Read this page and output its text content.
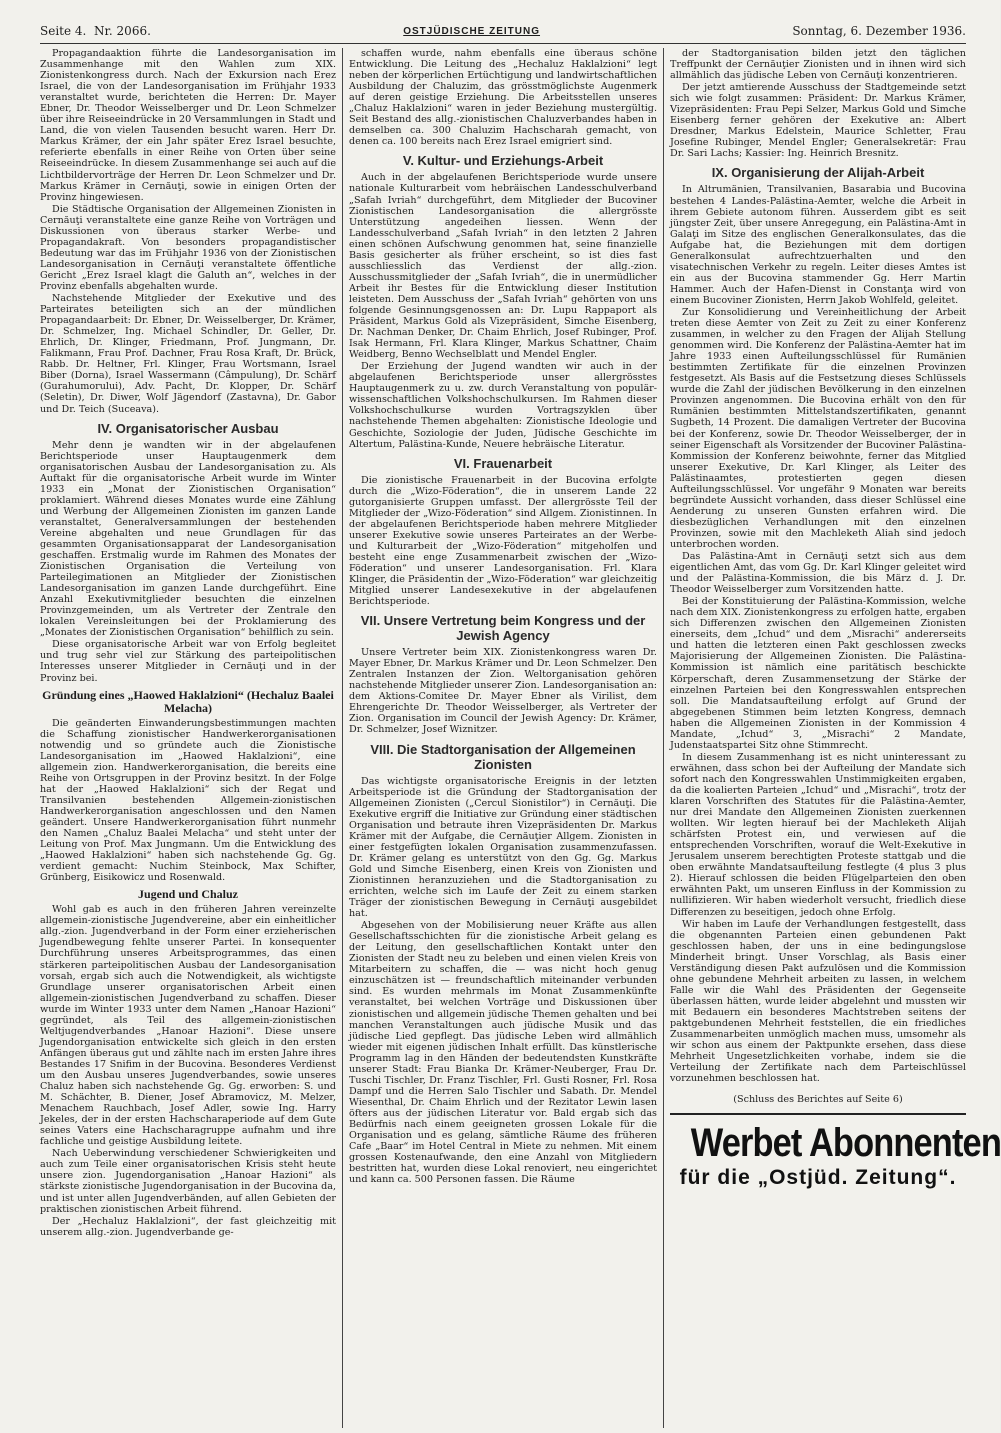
Seite 4. Nr. 2066.	OSTJÜDISCHE ZEITUNG	Sonntag, 6. Dezember 1936.

Propagandaaktion führte die Landesorganisation im Zusammenhange mit den Wahlen zum XIX. Zionistenkongress durch. Nach der Exkursion nach Erez Israel, die von der Landesorganisation im Frühjahr 1933 veranstaltet wurde, berichteten die Herren: Dr. Mayer Ebner, Dr. Theodor Weisselberger und Dr. Leon Schmelzer über ihre Reiseeindrücke in 20 Versammlungen in Stadt und Land, die von vielen Tausenden besucht waren. Herr Dr. Markus Krämer, der ein Jahr später Erez Israel besuchte, referierte ebenfalls in einer Reihe von Orten über seine Reiseeindrücke. In diesem Zusammenhange sei auch auf die Lichtbildervorträge der Herren Dr. Leon Schmelzer und Dr. Markus Krämer in Cernăuţi, sowie in einigen Orten der Provinz hingewiesen.

Die Städtische Organisation der Allgemeinen Zionisten in Cernăuţi veranstaltete eine ganze Reihe von Vorträgen und Diskussionen von überaus starker Werbe- und Propagandakraft. Von besonders propagandistischer Bedeutung war das im Frühjahr 1936 von der Zionistischen Landesorganisation in Cernăuţi veranstaltete öffentliche Gericht „Erez Israel klagt die Galuth an“, welches in der Provinz ebenfalls abgehalten wurde.

Nachstehende Mitglieder der Exekutive und des Parteirates beteiligten sich an der mündlichen Propagandaarbeit: Dr. Ebner, Dr. Weisselberger, Dr. Krämer, Dr. Schmelzer, Ing. Michael Schindler, Dr. Geller, Dr. Ehrlich, Dr. Klinger, Friedmann, Prof. Jungmann, Dr. Falikmann, Frau Prof. Dachner, Frau Rosa Kraft, Dr. Brück, Rabb. Dr. Heltner, Frl. Klinger, Frau Wortsmann, Israel Biber (Dorna), Israel Wassermann (Câmpulung), Dr. Schärf (Gurahumorului), Adv. Pacht, Dr. Klopper, Dr. Schärf (Seletin), Dr. Diwer, Wolf Jägendorf (Zastavna), Dr. Gabor und Dr. Teich (Suceava).

IV. Organisatorischer Ausbau

Mehr denn je wandten wir in der abgelaufenen Berichtsperiode unser Hauptaugenmerk dem organisatorischen Ausbau der Landesorganisation zu. Als Auftakt für die organisatorische Arbeit wurde im Winter 1933 ein „Monat der Zionistischen Organisation“ proklamiert. Während dieses Monates wurde eine Zählung und Werbung der Allgemeinen Zionisten im ganzen Lande veranstaltet, Generalversammlungen der bestehenden Vereine abgehalten und neue Grundlagen für das gesammten Organisationsapparat der Landesorganisation geschaffen. Erstmalig wurde im Rahmen des Monates der Zionistischen Organisation die Verteilung von Parteilegimationen an Mitglieder der Zionistischen Landesorganisation im ganzen Lande durchgeführt. Eine Anzahl Exekutivmitglieder besuchten die einzelnen Provinzgemeinden, um als Vertreter der Zentrale den lokalen Vereinsleitungen bei der Proklamierung des „Monates der Zionistischen Organisation“ behilflich zu sein.

Diese organisatorische Arbeit war von Erfolg begleitet und trug sehr viel zur Stärkung des parteipolitischen Interesses unserer Mitglieder in Cernăuţi und in der Provinz bei.

Gründung eines „Haowed Haklalzioni“ (Hechaluz Baalei Melacha)

Die geänderten Einwanderungsbestimmungen machten die Schaffung zionistischer Handwerkerorganisationen notwendig und so gründete auch die Zionistische Landesorganisation im „Haowed Haklalzioni“, eine allgemein zion. Handwerkerorganisation, die bereits eine Reihe von Ortsgruppen in der Provinz besitzt. In der Folge hat der „Haowed Haklalzioni“ sich der Regat und Transilvanien bestehenden Allgemein-zionistischen Handwerkerorganisation angeschlossen und den Namen geändert. Unsere Handwerkerorganisation führt nunmehr den Namen „Chaluz Baalei Melacha“ und steht unter der Leitung von Prof. Max Jungmann. Um die Entwicklung des „Haowed Haklalzioni“ haben sich nachstehende Gg. Gg. verdient gemacht: Nuchim Steinbock, Max Schifter, Grünberg, Eisikowicz und Rosenwald.

Jugend und Chaluz

Wohl gab es auch in den früheren Jahren vereinzelte allgemein-zionistische Jugendvereine, aber ein einheitlicher allg.-zion. Jugendverband in der Form einer erzieherischen Jugendbewegung fehlte unserer Partei. In konsequenter Durchführung unseres Arbeitsprogrammes, das einen stärkeren parteipolitischen Ausbau der Landesorganisation vorsah, ergab sich auch die Notwendigkeit, als wichtigste Grundlage unserer organisatorischen Arbeit einen allgemein-zionistischen Jugendverband zu schaffen. Dieser wurde im Winter 1933 unter dem Namen „Hanoar Hazioni“ gegründet, als Teil des allgemein-zionistischen Weltjugendverbandes „Hanoar Hazioni“. Diese unsere Jugendorganisation entwickelte sich gleich in den ersten Anfängen überaus gut und zählte nach im ersten Jahre ihres Bestandes 17 Snifim in der Bucovina. Besonderes Verdienst um den Ausbau unseres Jugendverbandes, sowie unseres Chaluz haben sich nachstehende Gg. Gg. erworben: S. und M. Schächter, B. Diener, Josef Abramovicz, M. Melzer, Menachem Rauchbach, Josef Adler, sowie Ing. Harry Jekeles, der in der ersten Hachscharaperiode auf dem Gute seines Vaters eine Hachscharagruppe aufnahm und ihre fachliche und geistige Ausbildung leitete.

Nach Ueberwindung verschiedener Schwierigkeiten und auch zum Teile einer organisatorischen Krisis steht heute unsere zion. Jugendorganisation „Hanoar Hazioni“ als stärkste zionistische Jugendorganisation in der Bucovina da, und ist unter allen Jugendverbänden, auf allen Gebieten der praktischen zionistischen Arbeit führend.

Der „Hechaluz Haklalzioni“, der fast gleichzeitig mit unserem allg.-zion. Jugendverbande ge-

schaffen wurde, nahm ebenfalls eine überaus schöne Entwicklung. Die Leitung des „Hechaluz Haklalzioni“ legt neben der körperlichen Ertüchtigung und landwirtschaftlichen Ausbildung der Chaluzim, das grösstmöglichste Augenmerk auf deren geistige Erziehung. Die Arbeitsstellen unseres „Chaluz Haklalzioni“ waren in jeder Beziehung mustergültig. Seit Bestand des allg.-zionistischen Chaluzverbandes haben in demselben ca. 300 Chaluzim Hachscharah gemacht, von denen ca. 100 bereits nach Erez Israel emigriert sind.

V. Kultur- und Erziehungs-Arbeit

Auch in der abgelaufenen Berichtsperiode wurde unsere nationale Kulturarbeit vom hebräischen Landesschulverband „Safah Ivriah“ durchgeführt, dem Mitglieder der Bucoviner Zionistischen Landesorganisation die allergrösste Unterstützung angedeihen liessen. Wenn der Landesschulverband „Safah Ivriah“ in den letzten 2 Jahren einen schönen Aufschwung genommen hat, seine finanzielle Basis gesicherter als früher erscheint, so ist dies fast ausschliesslich das Verdienst der allg.-zion. Ausschussmitglieder der „Safah Ivriah“, die in unermüdlicher Arbeit ihr Bestes für die Entwicklung dieser Institution leisteten. Dem Ausschuss der „Safah Ivriah“ gehörten von uns folgende Gesinnungsgenossen an: Dr. Lupu Rappaport als Präsident, Markus Gold als Vizepräsident, Simche Eisenberg, Dr. Nachman Denker, Dr. Chaim Ehrlich, Josef Rubinger, Prof. Isak Hermann, Frl. Klara Klinger, Markus Schattner, Chaim Weidberg, Benno Wechselblatt und Mendel Engler.

Der Erziehung der Jugend wandten wir auch in der abgelaufenen Berichtsperiode unser allergrösstes Hauptaugenmerk zu u. zw. durch Veranstaltung von populär-wissenschaftlichen Volkshochschulkursen. Im Rahmen dieser Volkshochschulkurse wurden Vortragszyklen über nachstehende Themen abgehalten: Zionistische Ideologie und Geschichte, Soziologie der Juden, Jüdische Geschichte im Altertum, Palästina-Kunde, Neuere hebräische Literatur.

VI. Frauenarbeit

Die zionistische Frauenarbeit in der Bucovina erfolgte durch die „Wizo-Föderation“, die in unserem Lande 22 gutorganisierte Gruppen umfasst. Der allergrösste Teil der Mitglieder der „Wizo-Föderation“ sind Allgem. Zionistinnen. In der abgelaufenen Berichtsperiode haben mehrere Mitglieder unserer Exekutive sowie unseres Parteirates an der Werbe- und Kulturarbeit der „Wizo-Föderation“ mitgeholfen und besteht eine enge Zusammenarbeit zwischen der „Wizo-Föderation“ und unserer Landesorganisation. Frl. Klara Klinger, die Präsidentin der „Wizo-Föderation“ war gleichzeitig Mitglied unserer Landesexekutive in der abgelaufenen Berichtsperiode.

VII. Unsere Vertretung beim Kongress und der Jewish Agency

Unsere Vertreter beim XIX. Zionistenkongress waren Dr. Mayer Ebner, Dr. Markus Krämer und Dr. Leon Schmelzer. Den Zentralen Instanzen der Zion. Weltorganisation gehören nachstehende Mitglieder unserer Zion. Landesorganisation an: dem Aktions-Comitee Dr. Mayer Ebner als Virilist, dem Ehrengerichte Dr. Theodor Weisselberger, als Vertreter der Zion. Organisation im Council der Jewish Agency: Dr. Krämer, Dr. Schmelzer, Josef Wiznitzer.

VIII. Die Stadtorganisation der Allgemeinen Zionisten

Das wichtigste organisatorische Ereignis in der letzten Arbeitsperiode ist die Gründung der Stadtorganisation der Allgemeinen Zionisten („Cercul Sionistilor“) in Cernăuţi. Die Exekutive ergriff die Initiative zur Gründung einer städtischen Organisation und betraute ihren Vizepräsidenten Dr. Markus Krämer mit der Aufgabe, die Cernăuţier Allgem. Zionisten in einer festgefügten lokalen Organisation zusammenzufassen. Dr. Krämer gelang es unterstützt von den Gg. Gg. Markus Gold und Simche Eisenberg, einen Kreis von Zionisten und Zionistinnen heranzuziehen und die Stadtorganisation zu errichten, welche sich im Laufe der Zeit zu einem starken Träger der zionistischen Bewegung in Cernăuţi ausgebildet hat.

Abgesehen von der Mobilisierung neuer Kräfte aus allen Gesellschaftsschichten für die zionistische Arbeit gelang es der Leitung, den gesellschaftlichen Kontakt unter den Zionisten der Stadt neu zu beleben und einen vielen Kreis von Mitarbeitern zu schaffen, die — was nicht hoch genug einzuschätzen ist — freundschaftlich miteinander verbunden sind. Es wurden mehrmals im Monat Zusammenkünfte veranstaltet, bei welchen Vorträge und Diskussionen über zionistischen und allgemein jüdische Themen gehalten und bei manchen Veranstaltungen auch jüdische Musik und das jüdische Lied gepflegt. Das jüdische Leben wird allmählich wieder mit eigenen jüdischen Inhalt erfüllt. Das künstlerische Programm lag in den Händen der bedeutendsten Kunstkräfte unserer Stadt: Frau Bianka Dr. Krämer-Neuberger, Frau Dr. Tuschi Tischler, Dr. Franz Tischler, Frl. Gusti Rosner, Frl. Rosa Dampf und die Herren Salo Tischler und Sabath. Dr. Mendel Wiesenthal, Dr. Chaim Ehrlich und der Rezitator Lewin lasen öfters aus der jüdischen Literatur vor. Bald ergab sich das Bedürfnis nach einem geeigneten grossen Lokale für die Organisation und es gelang, sämtliche Räume des früheren Cafe „Baar“ im Hotel Central in Miete zu nehmen. Mit einem grossen Kostenaufwande, den eine Anzahl von Mitgliedern bestritten hat, wurden diese Lokal renoviert, neu eingerichtet und kann ca. 500 Personen fassen. Die Räume

der Stadtorganisation bilden jetzt den täglichen Treffpunkt der Cernăuţier Zionisten und in ihnen wird sich allmählich das jüdische Leben von Cernăuţi konzentrieren.

Der jetzt amtierende Ausschuss der Stadtgemeinde setzt sich wie folgt zusammen: Präsident: Dr. Markus Krämer, Vizepräsidenten: Frau Pepi Selzer, Markus Gold und Simche Eisenberg ferner gehören der Exekutive an: Albert Dresdner, Markus Edelstein, Maurice Schletter, Frau Josefine Rubinger, Mendel Engler; Generalsekretär: Frau Dr. Sari Lachs; Kassier: Ing. Heinrich Bresnitz.

IX. Organisierung der Alijah-Arbeit

In Altrumänien, Transilvanien, Basarabia und Bucovina bestehen 4 Landes-Palästina-Aemter, welche die Arbeit in ihrem Gebiete autonom führen. Ausserdem gibt es seit jüngster Zeit, über unsere Anregegung, ein Palästina-Amt in Galaţi im Sitze des englischen Generalkonsulates, das die Aufgabe hat, die Beziehungen mit dem dortigen Generalkonsulat aufrechtzuerhalten und den visatechnischen Verkehr zu regeln. Leiter dieses Amtes ist ein aus der Bucovina stammender Gg. Herr Martin Hammer. Auch der Hafen-Dienst in Constanţa wird von einem Bucoviner Zionisten, Herrn Jakob Wohlfeld, geleitet.

Zur Konsolidierung und Vereinheitlichung der Arbeit treten diese Aemter von Zeit zu Zeit zu einer Konferenz zusammen, in welcher zu den Fragen der Alijah Stellung genommen wird. Die Konferenz der Palästina-Aemter hat im Jahre 1933 einen Aufteilungsschlüssel für Rumänien bestimmten Zertifikate für die einzelnen Provinzen festgesetzt. Als Basis auf die Festsetzung dieses Schlüssels wurde die Zahl der jüdischen Bevölkerung in den einzelnen Provinzen angenommen. Die Bucovina erhält von den für Rumänien bestimmten Mittelstandszertifikaten, genannt Sugbeth, 14 Prozent. Die damaligen Vertreter der Bucovina bei der Konferenz, sowie Dr. Theodor Weisselberger, der in seiner Eigenschaft als Vorsitzender der Bucoviner Palästina-Kommission der Konferenz beiwohnte, ferner das Mitglied unserer Exekutive, Dr. Karl Klinger, als Leiter des Palästinaamtes, protestierten gegen diesen Aufteilungsschlüssel. Vor ungefähr 9 Monaten war bereits begründete Aussicht vorhanden, dass dieser Schlüssel eine Aenderung zu unseren Gunsten erfahren wird. Die diesbezüglichen Verhandlungen mit den einzelnen Provinzen, sowie mit den Machleketh Aliah sind jedoch unterbrochen worden.

Das Palästina-Amt in Cernăuţi setzt sich aus dem eigentlichen Amt, das vom Gg. Dr. Karl Klinger geleitet wird und der Palästina-Kommission, die bis März d. J. Dr. Theodor Weisselberger zum Vorsitzenden hatte.

Bei der Konstituierung der Palästina-Kommission, welche nach dem XIX. Zionistenkongress zu erfolgen hatte, ergaben sich Differenzen zwischen den Allgemeinen Zionisten einerseits, dem „Ichud“ und dem „Misrachi“ andererseits und hatten die letzteren einen Pakt geschlossen zwecks Majorisierung der Allgemeinen Zionisten. Die Palästina-Kommission ist nämlich eine paritätisch beschickte Körperschaft, deren Zusammensetzung der Stärke der einzelnen Parteien bei den Kongresswahlen entsprechen soll. Die Mandatsaufteilung erfolgt auf Grund der abgegebenen Stimmen beim letzten Kongress, demnach haben die Allgemeinen Zionisten in der Kommission 4 Mandate, „Ichud“ 3, „Misrachi“ 2 Mandate, Judenstaatspartei Sitz ohne Stimmrecht.

In diesem Zusammenhang ist es nicht uninteressant zu erwähnen, dass schon bei der Aufteilung der Mandate sich sofort nach den Kongresswahlen Unstimmigkeiten ergaben, da die koalierten Parteien „Ichud“ und „Misrachi“, trotz der klaren Vorschriften des Statutes für die Palästina-Aemter, nur drei Mandate den Allgemeinen Zionisten zuerkennen wollten. Wir legten hierauf bei der Machleketh Alijah schärfsten Protest ein, und verwiesen auf die entsprechenden Vorschriften, worauf die Welt-Exekutive in Jerusalem unserem berechtigten Proteste stattgab und die oben erwähnte Mandatsaufteilung festlegte (4 plus 3 plus 2). Hierauf schlossen die beiden Flügelparteien den oben erwähnten Pakt, um unseren Einfluss in der Kommission zu nullifizieren. Wir haben wiederholt versucht, friedlich diese Differenzen zu beseitigen, jedoch ohne Erfolg.

Wir haben im Laufe der Verhandlungen festgestellt, dass die obgenannten Parteien einen gebundenen Pakt geschlossen haben, der uns in eine bedingungslose Minderheit bringt. Unser Vorschlag, als Basis einer Verständigung diesen Pakt aufzulösen und die Kommission ohne gebundene Mehrheit arbeiten zu lassen, in welchem Falle wir die Wahl des Präsidenten der Gegenseite überlassen hätten, wurde leider abgelehnt und mussten wir mit Bedauern ein besonderes Machtstreben seitens der paktgebundenen Mehrheit feststellen, die ein friedliches Zusammenarbeiten unmöglich machen muss, umsomehr als wir schon aus einem der Paktpunkte ersehen, dass diese Mehrheit Ungesetzlichkeiten vorhabe, indem sie die Verteilung der Zertifikate nach dem Parteischlüssel vorzunehmen beschlossen hat.

(Schluss des Berichtes auf Seite 6)
Werbet Abonnenten
für die „Ostjüd. Zeitung“.
